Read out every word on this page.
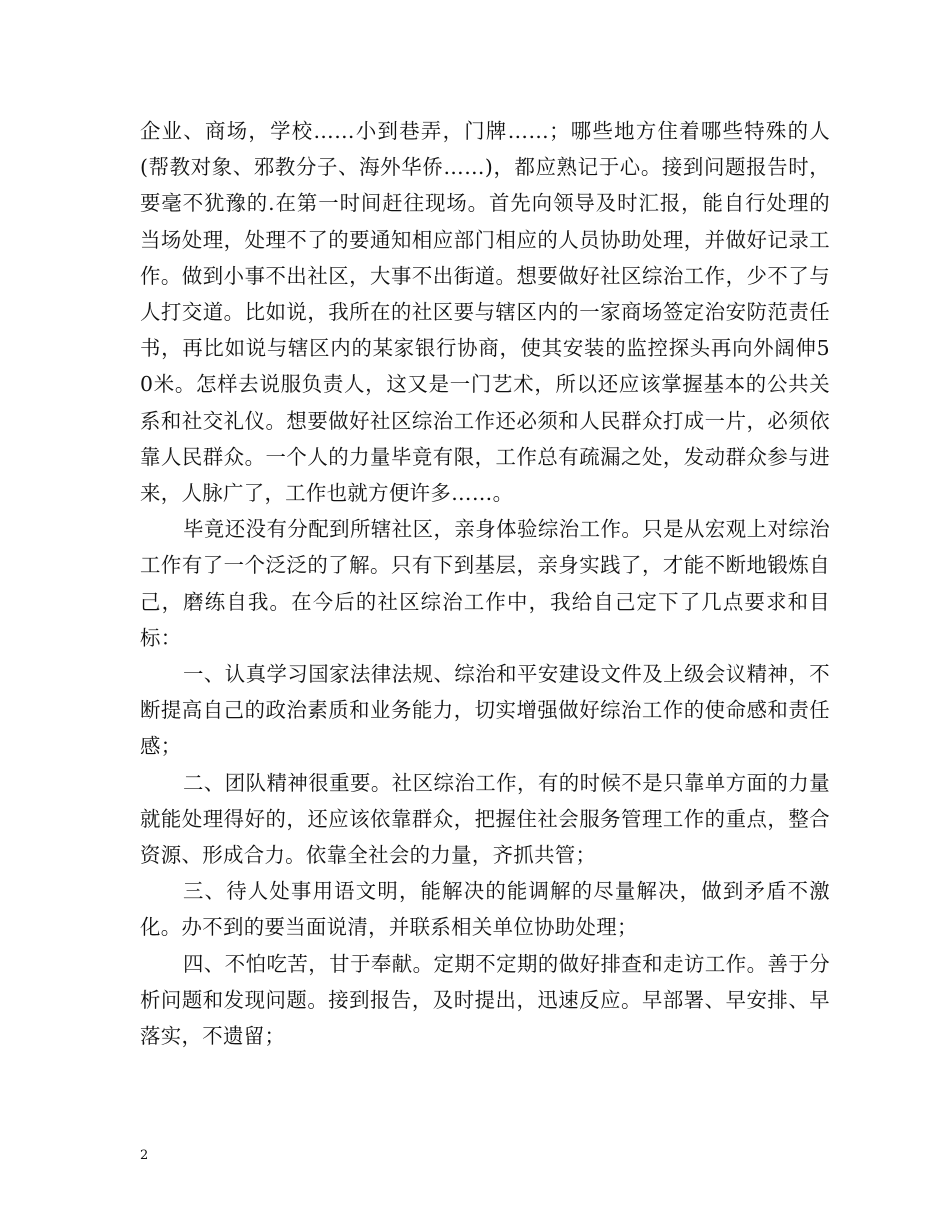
企业、商场，学校……小到巷弄，门牌……；哪些地方住着哪些特殊的人(帮教对象、邪教分子、海外华侨……)，都应熟记于心。接到问题报告时，要毫不犹豫的.在第一时间赶往现场。首先向领导及时汇报，能自行处理的当场处理，处理不了的要通知相应部门相应的人员协助处理，并做好记录工作。做到小事不出社区，大事不出街道。想要做好社区综治工作，少不了与人打交道。比如说，我所在的社区要与辖区内的一家商场签定治安防范责任书，再比如说与辖区内的某家银行协商，使其安装的监控探头再向外阔伸50米。怎样去说服负责人，这又是一门艺术，所以还应该掌握基本的公共关系和社交礼仪。想要做好社区综治工作还必须和人民群众打成一片，必须依靠人民群众。一个人的力量毕竟有限，工作总有疏漏之处，发动群众参与进来，人脉广了，工作也就方便许多……。

毕竟还没有分配到所辖社区，亲身体验综治工作。只是从宏观上对综治工作有了一个泛泛的了解。只有下到基层，亲身实践了，才能不断地锻炼自己，磨练自我。在今后的社区综治工作中，我给自己定下了几点要求和目标：

一、认真学习国家法律法规、综治和平安建设文件及上级会议精神，不断提高自己的政治素质和业务能力，切实增强做好综治工作的使命感和责任感；

二、团队精神很重要。社区综治工作，有的时候不是只靠单方面的力量就能处理得好的，还应该依靠群众，把握住社会服务管理工作的重点，整合资源、形成合力。依靠全社会的力量，齐抓共管；

三、待人处事用语文明，能解决的能调解的尽量解决，做到矛盾不激化。办不到的要当面说清，并联系相关单位协助处理；

四、不怕吃苦，甘于奉献。定期不定期的做好排查和走访工作。善于分析问题和发现问题。接到报告，及时提出，迅速反应。早部署、早安排、早落实，不遗留；

2
